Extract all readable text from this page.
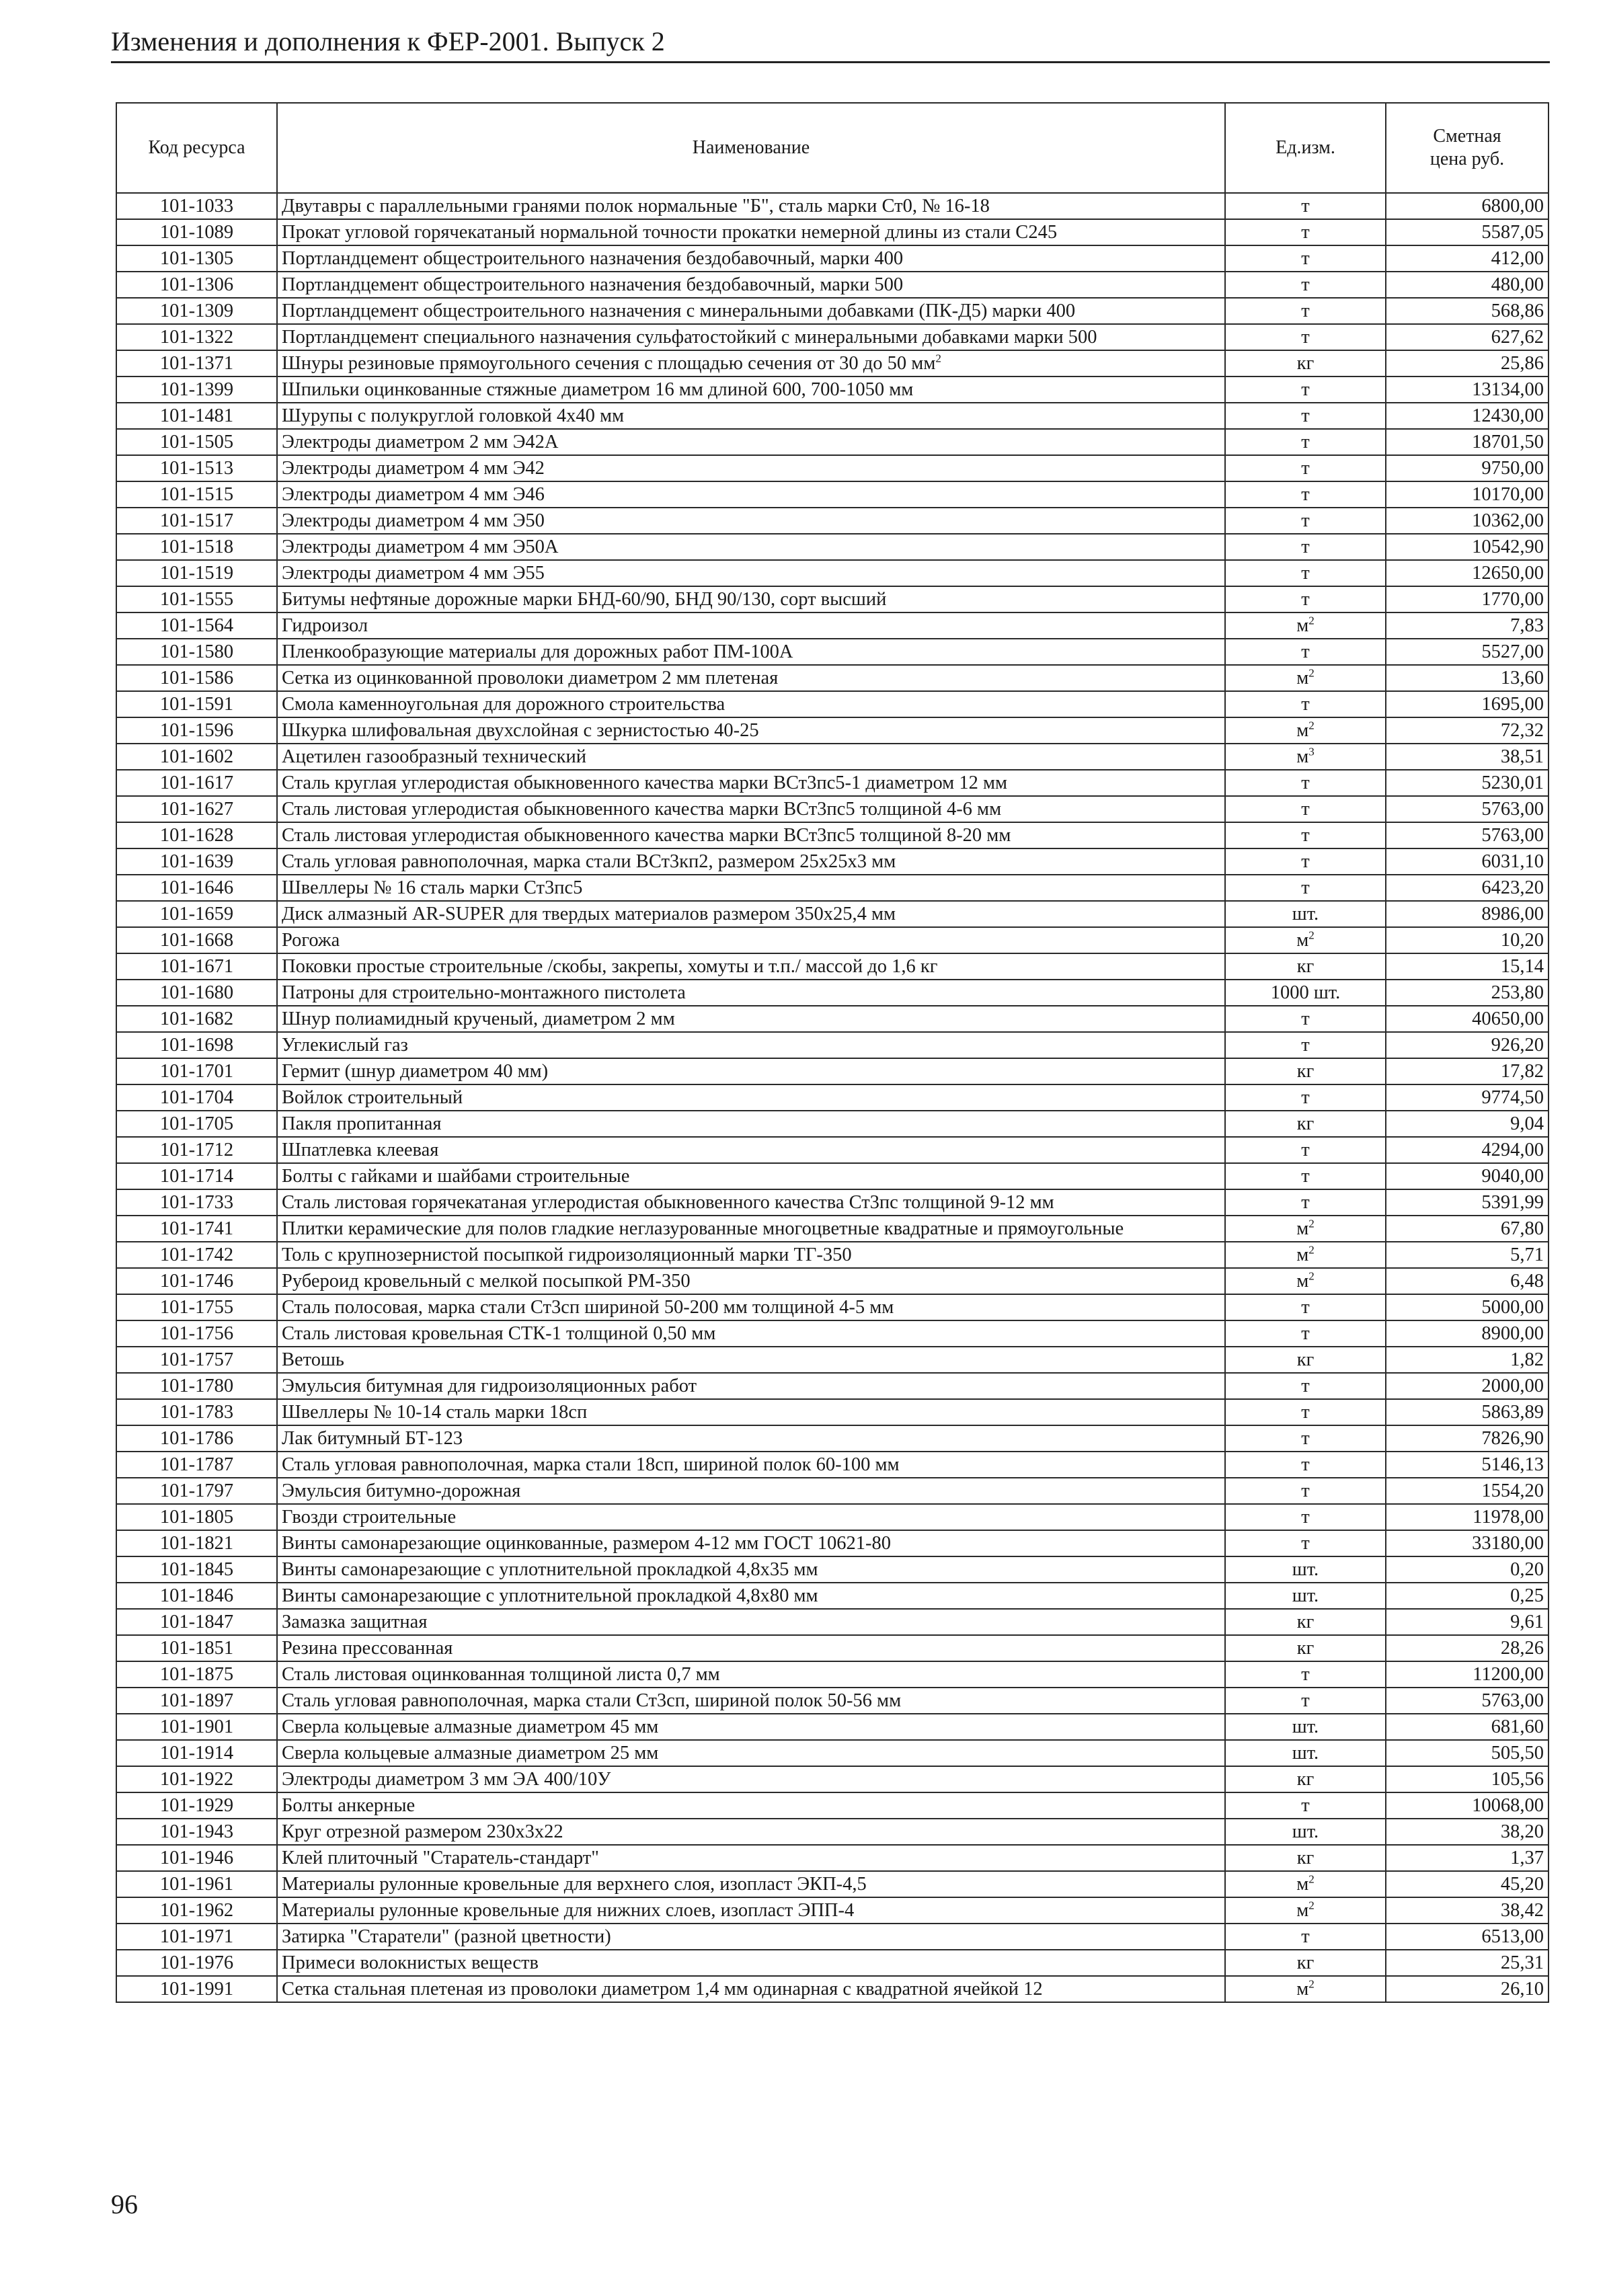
Изменения и дополнения к ФЕР-2001. Выпуск 2
Код ресурса	Наименование	Ед.изм.	Сметная цена руб.
101-1033	Двутавры с параллельными гранями полок нормальные "Б", сталь марки Ст0, № 16-18	т	6800,00
101-1089	Прокат угловой горячекатаный нормальной точности прокатки немерной длины из стали С245	т	5587,05
101-1305	Портландцемент общестроительного назначения бездобавочный, марки 400	т	412,00
101-1306	Портландцемент общестроительного назначения бездобавочный, марки 500	т	480,00
101-1309	Портландцемент общестроительного назначения с минеральными добавками (ПК-Д5) марки 400	т	568,86
101-1322	Портландцемент специального назначения сульфатостойкий с минеральными добавками марки 500	т	627,62
101-1371	Шнуры резиновые прямоугольного сечения с площадью сечения от 30 до 50 $мм^2$	кг	25,86
101-1399	Шпильки оцинкованные стяжные диаметром 16 мм длиной 600, 700-1050 мм	т	13134,00
101-1481	Шурупы с полукруглой головкой 4x40 мм	т	12430,00
101-1505	Электроды диаметром 2 мм Э42А	т	18701,50
101-1513	Электроды диаметром 4 мм Э42	т	9750,00
101-1515	Электроды диаметром 4 мм Э46	т	10170,00
101-1517	Электроды диаметром 4 мм Э50	т	10362,00
101-1518	Электроды диаметром 4 мм Э50А	т	10542,90
101-1519	Электроды диаметром 4 мм Э55	т	12650,00
101-1555	Битумы нефтяные дорожные марки БНД-60/90, БНД 90/130, сорт высший	т	1770,00
101-1564	Гидроизол	$м^2$	7,83
101-1580	Пленкообразующие материалы для дорожных работ ПМ-100А	т	5527,00
101-1586	Сетка из оцинкованной проволоки диаметром 2 мм плетеная	$м^2$	13,60
101-1591	Смола каменноугольная для дорожного строительства	т	1695,00
101-1596	Шкурка шлифовальная двухслойная с зернистостью 40-25	$м^2$	72,32
101-1602	Ацетилен газообразный технический	$м^3$	38,51
101-1617	Сталь круглая углеродистая обыкновенного качества марки ВСт3пс5-1 диаметром 12 мм	т	5230,01
101-1627	Сталь листовая углеродистая обыкновенного качества марки ВСт3пс5 толщиной 4-6 мм	т	5763,00
101-1628	Сталь листовая углеродистая обыкновенного качества марки ВСт3пс5 толщиной 8-20 мм	т	5763,00
101-1639	Сталь угловая равнополочная, марка стали ВСт3кп2, размером 25x25x3 мм	т	6031,10
101-1646	Швеллеры № 16 сталь марки Ст3пс5	т	6423,20
101-1659	Диск алмазный AR-SUPER для твердых материалов размером 350x25,4 мм	шт.	8986,00
101-1668	Рогожа	$м^2$	10,20
101-1671	Поковки простые строительные /скобы, закрепы, хомуты и т.п./ массой до 1,6 кг	кг	15,14
101-1680	Патроны для строительно-монтажного пистолета	1000 шт.	253,80
101-1682	Шнур полиамидный крученый, диаметром 2 мм	т	40650,00
101-1698	Углекислый газ	т	926,20
101-1701	Гермит (шнур диаметром 40 мм)	кг	17,82
101-1704	Войлок строительный	т	9774,50
101-1705	Пакля пропитанная	кг	9,04
101-1712	Шпатлевка клеевая	т	4294,00
101-1714	Болты с гайками и шайбами строительные	т	9040,00
101-1733	Сталь листовая горячекатаная углеродистая обыкновенного качества Ст3пс толщиной 9-12 мм	т	5391,99
101-1741	Плитки керамические для полов гладкие неглазурованные многоцветные квадратные и прямоугольные	$м^2$	67,80
101-1742	Толь с крупнозернистой посыпкой гидроизоляционный марки ТГ-350	$м^2$	5,71
101-1746	Рубероид кровельный с мелкой посыпкой РМ-350	$м^2$	6,48
101-1755	Сталь полосовая, марка стали Ст3сп шириной 50-200 мм толщиной 4-5 мм	т	5000,00
101-1756	Сталь листовая кровельная СТК-1 толщиной 0,50 мм	т	8900,00
101-1757	Ветошь	кг	1,82
101-1780	Эмульсия битумная для гидроизоляционных работ	т	2000,00
101-1783	Швеллеры № 10-14 сталь марки 18сп	т	5863,89
101-1786	Лак битумный БТ-123	т	7826,90
101-1787	Сталь угловая равнополочная, марка стали 18сп, шириной полок 60-100 мм	т	5146,13
101-1797	Эмульсия битумно-дорожная	т	1554,20
101-1805	Гвозди строительные	т	11978,00
101-1821	Винты самонарезающие оцинкованные, размером 4-12 мм ГОСТ 10621-80	т	33180,00
101-1845	Винты самонарезающие с уплотнительной прокладкой 4,8x35 мм	шт.	0,20
101-1846	Винты самонарезающие с уплотнительной прокладкой 4,8x80 мм	шт.	0,25
101-1847	Замазка защитная	кг	9,61
101-1851	Резина прессованная	кг	28,26
101-1875	Сталь листовая оцинкованная толщиной листа 0,7 мм	т	11200,00
101-1897	Сталь угловая равнополочная, марка стали Ст3сп, шириной полок 50-56 мм	т	5763,00
101-1901	Сверла кольцевые алмазные диаметром 45 мм	шт.	681,60
101-1914	Сверла кольцевые алмазные диаметром 25 мм	шт.	505,50
101-1922	Электроды диаметром 3 мм ЭА 400/10У	кг	105,56
101-1929	Болты анкерные	т	10068,00
101-1943	Круг отрезной размером 230x3x22	шт.	38,20
101-1946	Клей плиточный "Старатель-стандарт"	кг	1,37
101-1961	Материалы рулонные кровельные для верхнего слоя, изопласт ЭКП-4,5	$м^2$	45,20
101-1962	Материалы рулонные кровельные для нижних слоев, изопласт ЭПП-4	$м^2$	38,42
101-1971	Затирка "Старатели" (разной цветности)	т	6513,00
101-1976	Примеси волокнистых веществ	кг	25,31
101-1991	Сетка стальная плетеная из проволоки диаметром 1,4 мм одинарная с квадратной ячейкой 12	$м^2$	26,10
96
